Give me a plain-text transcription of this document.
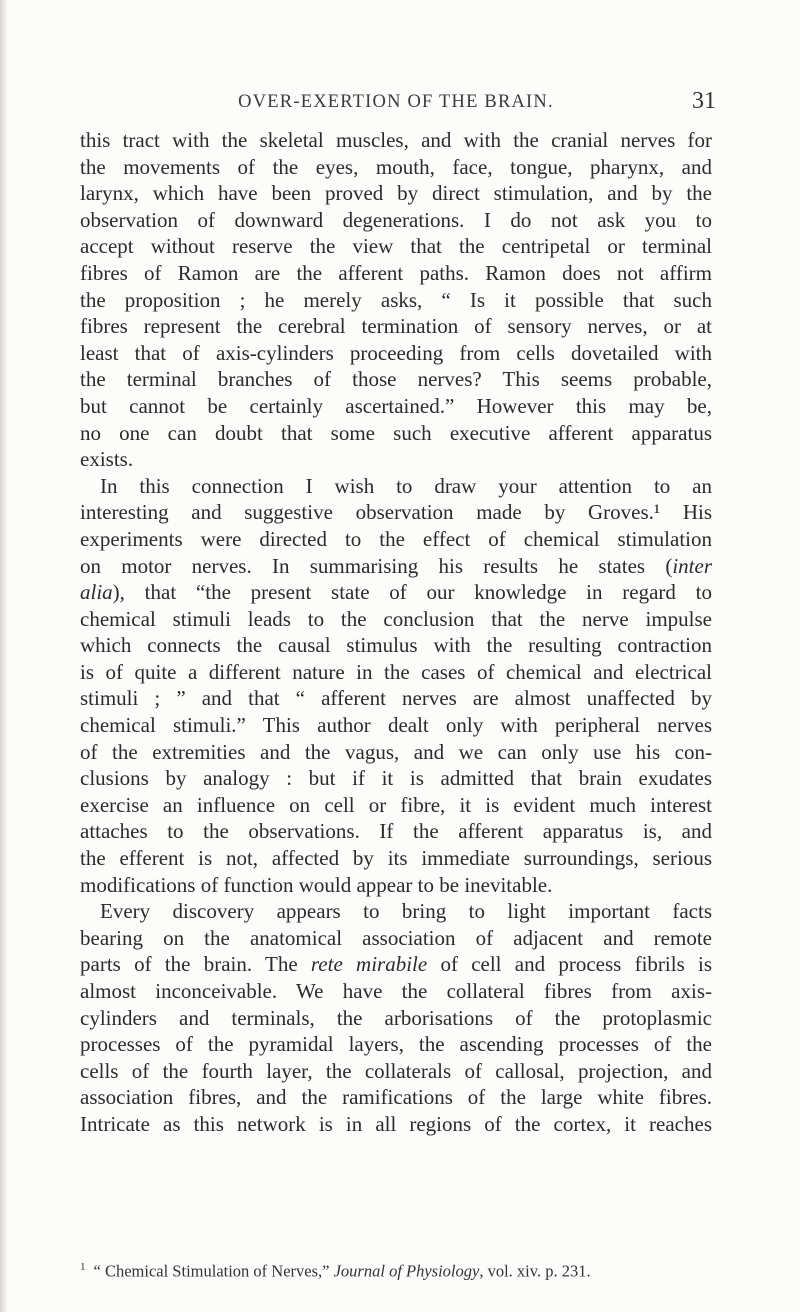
OVER-EXERTION OF THE BRAIN.	31
this tract with the skeletal muscles, and with the cranial nerves for
the movements of the eyes, mouth, face, tongue, pharynx, and
larynx, which have been proved by direct stimulation, and by the
observation of downward degenerations. I do not ask you to
accept without reserve the view that the centripetal or terminal
fibres of Ramon are the afferent paths. Ramon does not affirm
the proposition ; he merely asks, “ Is it possible that such
fibres represent the cerebral termination of sensory nerves, or at
least that of axis-cylinders proceeding from cells dovetailed with
the terminal branches of those nerves? This seems probable,
but cannot be certainly ascertained.” However this may be,
no one can doubt that some such executive afferent apparatus
exists.
In this connection I wish to draw your attention to an
interesting and suggestive observation made by Groves.¹ His
experiments were directed to the effect of chemical stimulation
on motor nerves. In summarising his results he states (inter
alia), that “the present state of our knowledge in regard to
chemical stimuli leads to the conclusion that the nerve impulse
which connects the causal stimulus with the resulting contraction
is of quite a different nature in the cases of chemical and electrical
stimuli ; ” and that “ afferent nerves are almost unaffected by
chemical stimuli.” This author dealt only with peripheral nerves
of the extremities and the vagus, and we can only use his con-
clusions by analogy : but if it is admitted that brain exudates
exercise an influence on cell or fibre, it is evident much interest
attaches to the observations. If the afferent apparatus is, and
the efferent is not, affected by its immediate surroundings, serious
modifications of function would appear to be inevitable.
Every discovery appears to bring to light important facts
bearing on the anatomical association of adjacent and remote
parts of the brain. The rete mirabile of cell and process fibrils is
almost inconceivable. We have the collateral fibres from axis-
cylinders and terminals, the arborisations of the protoplasmic
processes of the pyramidal layers, the ascending processes of the
cells of the fourth layer, the collaterals of callosal, projection, and
association fibres, and the ramifications of the large white fibres.
Intricate as this network is in all regions of the cortex, it reaches
$^1$ “ Chemical Stimulation of Nerves,” Journal of Physiology, vol. xiv. p. 231.
